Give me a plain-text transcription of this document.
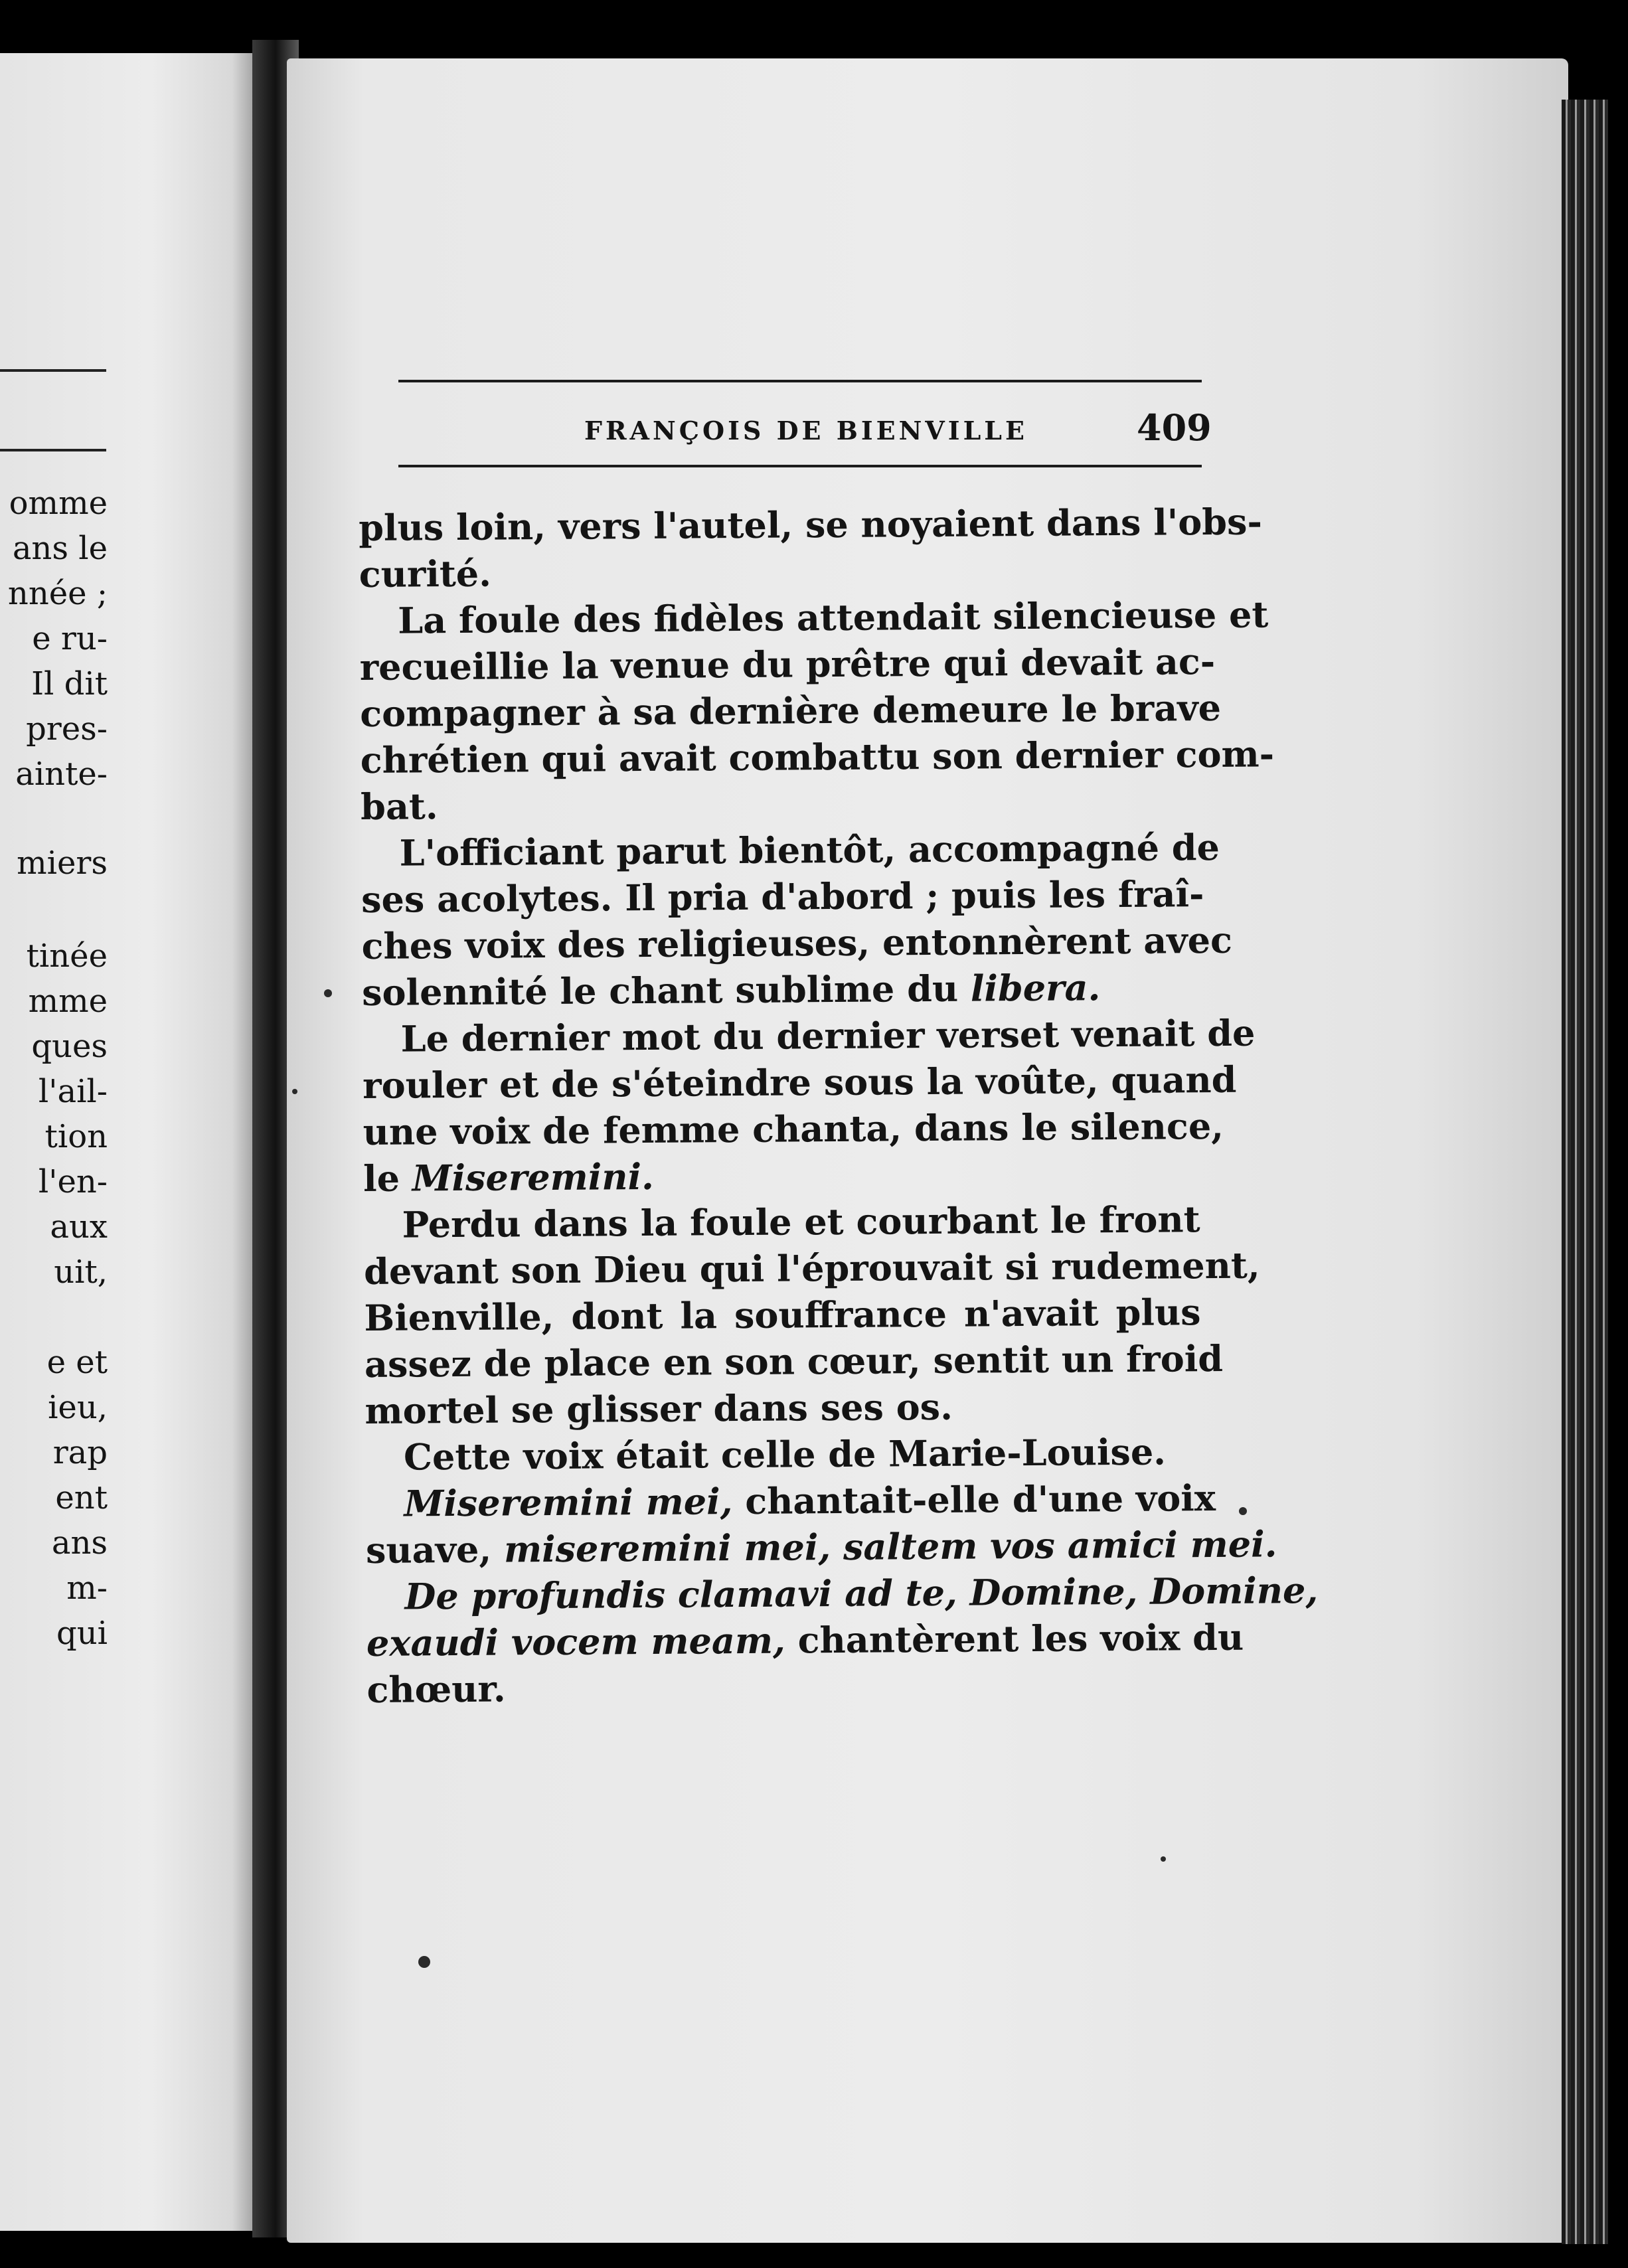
omme
ans le
nnée ;
e ru-
Il dit
pres-
ainte-
miers
tinée
mme
ques
l'ail-
tion
l'en-
aux
uit,
e et
ieu,
rap
ent
ans
m-
qui
FRANÇOIS DE BIENVILLE	409
plus loin, vers l'autel, se noyaient dans l'obs-
curité.
La foule des fidèles attendait silencieuse et
recueillie la venue du prêtre qui devait ac-
compagner à sa dernière demeure le brave
chrétien qui avait combattu son dernier com-
bat.
L'officiant parut bientôt, accompagné de
ses acolytes. Il pria d'abord ; puis les fraî-
ches voix des religieuses, entonnèrent avec
solennité le chant sublime du libera.
Le dernier mot du dernier verset venait de
rouler et de s'éteindre sous la voûte, quand
une voix de femme chanta, dans le silence,
le Miseremini.
Perdu dans la foule et courbant le front
devant son Dieu qui l'éprouvait si rudement,
Bienville, dont la souffrance n'avait plus
assez de place en son cœur, sentit un froid
mortel se glisser dans ses os.
Cette voix était celle de Marie-Louise.
Miseremini mei, chantait-elle d'une voix
suave, miseremini mei, saltem vos amici mei.
De profundis clamavi ad te, Domine, Domine,
exaudi vocem meam, chantèrent les voix du
chœur.
